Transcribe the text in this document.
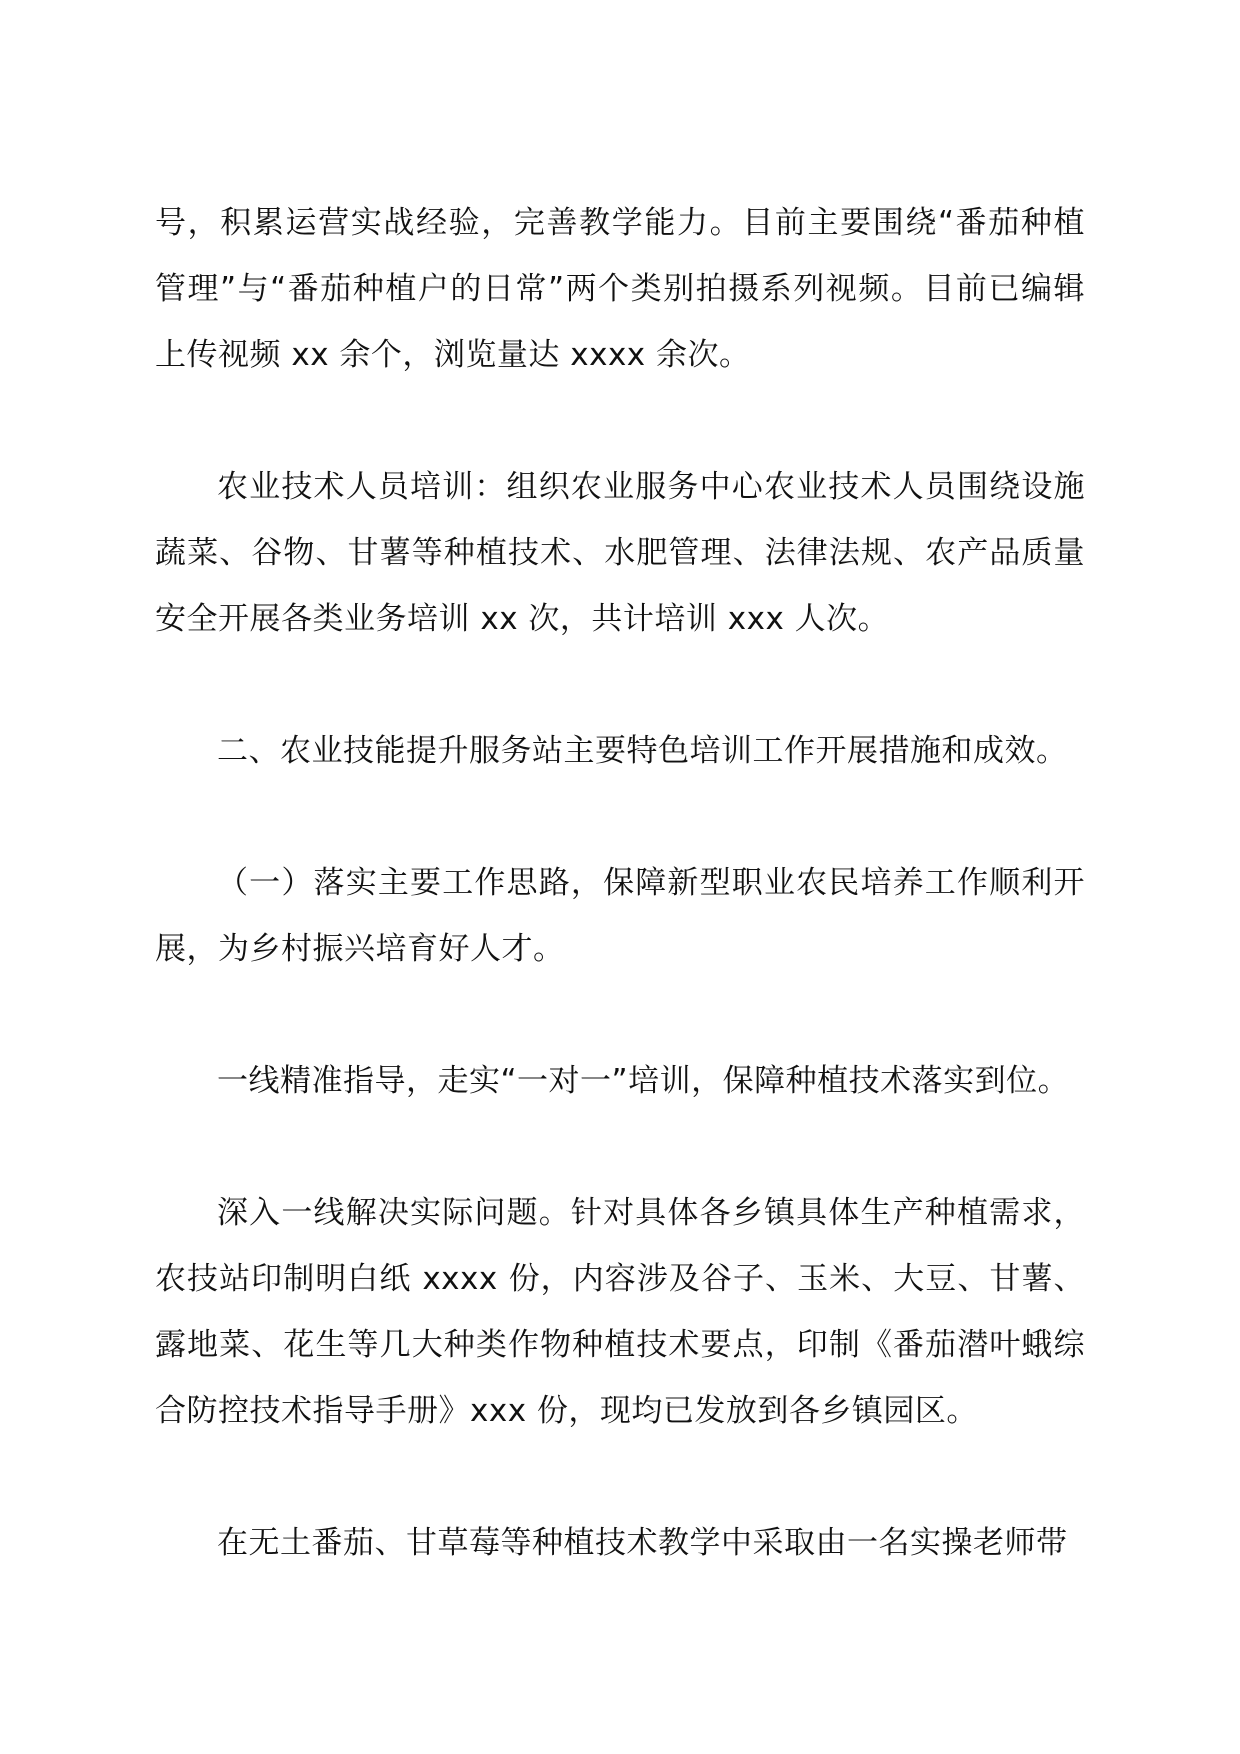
号，积累运营实战经验，完善教学能力。目前主要围绕“番茄种植管理”与“番茄种植户的日常”两个类别拍摄系列视频。目前已编辑上传视频 xx 余个，浏览量达 xxxx 余次。

农业技术人员培训：组织农业服务中心农业技术人员围绕设施蔬菜、谷物、甘薯等种植技术、水肥管理、法律法规、农产品质量安全开展各类业务培训 xx 次，共计培训 xxx 人次。

二、农业技能提升服务站主要特色培训工作开展措施和成效。

（一）落实主要工作思路，保障新型职业农民培养工作顺利开展，为乡村振兴培育好人才。

一线精准指导，走实“一对一”培训，保障种植技术落实到位。

深入一线解决实际问题。针对具体各乡镇具体生产种植需求，农技站印制明白纸 xxxx 份，内容涉及谷子、玉米、大豆、甘薯、露地菜、花生等几大种类作物种植技术要点，印制《番茄潜叶蛾综合防控技术指导手册》xxx 份，现均已发放到各乡镇园区。

在无土番茄、甘草莓等种植技术教学中采取由一名实操老师带
